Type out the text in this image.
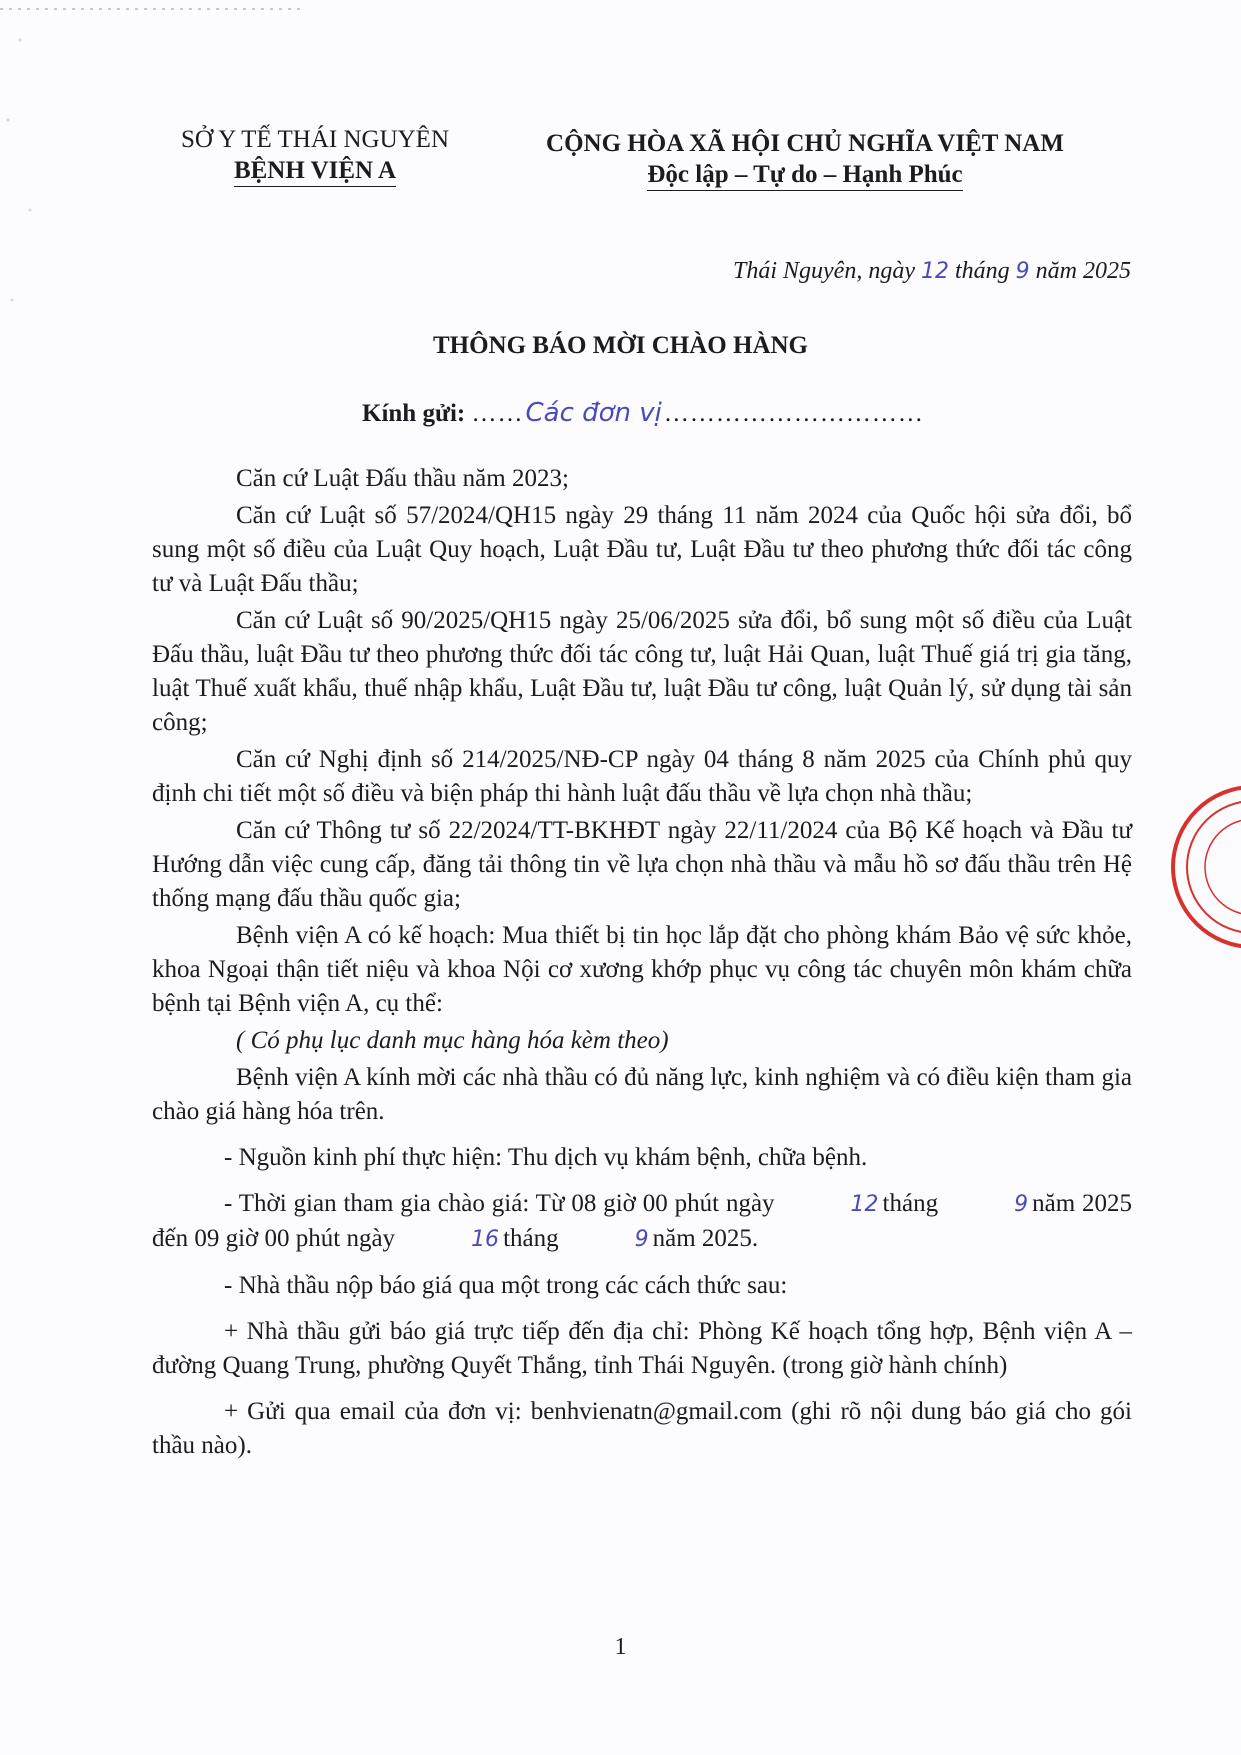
SỞ Y TẾ THÁI NGUYÊN
BỆNH VIỆN A
CỘNG HÒA XÃ HỘI CHỦ NGHĨA VIỆT NAM
Độc lập – Tự do – Hạnh Phúc
Thái Nguyên, ngày 12 tháng 9 năm 2025
THÔNG BÁO MỜI CHÀO HÀNG
Kính gửi: ……Các đơn vị…………………………

Căn cứ Luật Đấu thầu năm 2023;

Căn cứ Luật số 57/2024/QH15 ngày 29 tháng 11 năm 2024 của Quốc hội sửa đổi, bổ sung một số điều của Luật Quy hoạch, Luật Đầu tư, Luật Đầu tư theo phương thức đối tác công tư và Luật Đấu thầu;

Căn cứ Luật số 90/2025/QH15 ngày 25/06/2025 sửa đổi, bổ sung một số điều của Luật Đấu thầu, luật Đầu tư theo phương thức đối tác công tư, luật Hải Quan, luật Thuế giá trị gia tăng, luật Thuế xuất khẩu, thuế nhập khẩu, Luật Đầu tư, luật Đầu tư công, luật Quản lý, sử dụng tài sản công;

Căn cứ Nghị định số 214/2025/NĐ-CP ngày 04 tháng 8 năm 2025 của Chính phủ quy định chi tiết một số điều và biện pháp thi hành luật đấu thầu về lựa chọn nhà thầu;

Căn cứ Thông tư số 22/2024/TT-BKHĐT ngày 22/11/2024 của Bộ Kế hoạch và Đầu tư Hướng dẫn việc cung cấp, đăng tải thông tin về lựa chọn nhà thầu và mẫu hồ sơ đấu thầu trên Hệ thống mạng đấu thầu quốc gia;

Bệnh viện A có kế hoạch: Mua thiết bị tin học lắp đặt cho phòng khám Bảo vệ sức khỏe, khoa Ngoại thận tiết niệu và khoa Nội cơ xương khớp phục vụ công tác chuyên môn khám chữa bệnh tại Bệnh viện A, cụ thể:

( Có phụ lục danh mục hàng hóa kèm theo)

Bệnh viện A kính mời các nhà thầu có đủ năng lực, kinh nghiệm và có điều kiện tham gia chào giá hàng hóa trên.

- Nguồn kinh phí thực hiện: Thu dịch vụ khám bệnh, chữa bệnh.

- Thời gian tham gia chào giá: Từ 08 giờ 00 phút ngày	12 tháng	9 năm 2025 đến 09 giờ 00 phút ngày	16 tháng	9 năm 2025.

- Nhà thầu nộp báo giá qua một trong các cách thức sau:

+ Nhà thầu gửi báo giá trực tiếp đến địa chỉ: Phòng Kế hoạch tổng hợp, Bệnh viện A – đường Quang Trung, phường Quyết Thắng, tỉnh Thái Nguyên. (trong giờ hành chính)

+ Gửi qua email của đơn vị: benhvienatn@gmail.com (ghi rõ nội dung báo giá cho gói thầu nào).

1
